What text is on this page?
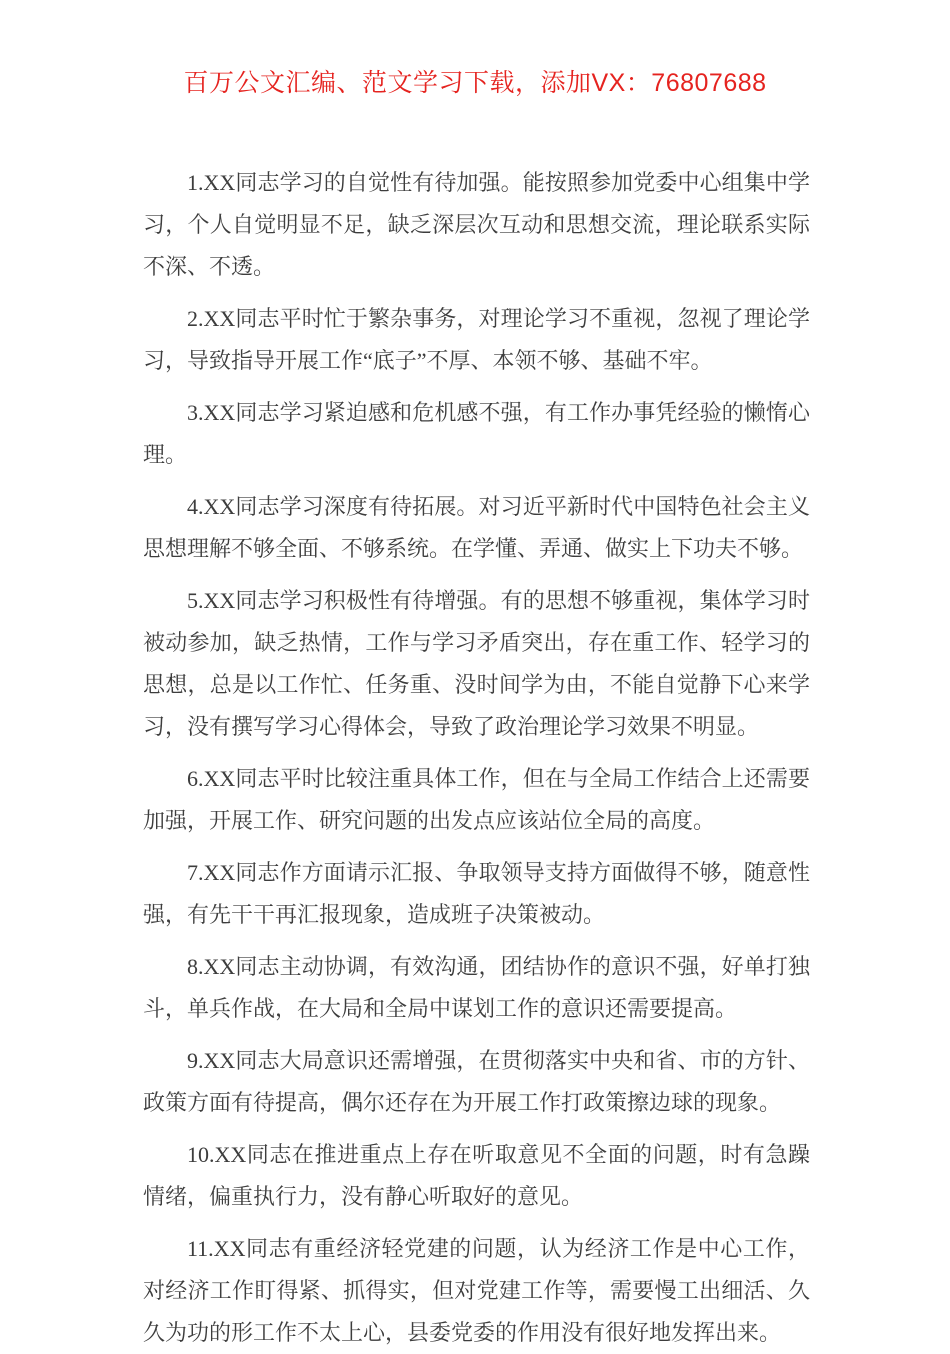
百万公文汇编、范文学习下载，添加VX：76807688

1.XX同志学习的自觉性有待加强。能按照参加党委中心组集中学习，个人自觉明显不足，缺乏深层次互动和思想交流，理论联系实际不深、不透。

2.XX同志平时忙于繁杂事务，对理论学习不重视，忽视了理论学习，导致指导开展工作“底子”不厚、本领不够、基础不牢。

3.XX同志学习紧迫感和危机感不强，有工作办事凭经验的懒惰心理。

4.XX同志学习深度有待拓展。对习近平新时代中国特色社会主义思想理解不够全面、不够系统。在学懂、弄通、做实上下功夫不够。

5.XX同志学习积极性有待增强。有的思想不够重视，集体学习时被动参加，缺乏热情，工作与学习矛盾突出，存在重工作、轻学习的思想，总是以工作忙、任务重、没时间学为由，不能自觉静下心来学习，没有撰写学习心得体会，导致了政治理论学习效果不明显。

6.XX同志平时比较注重具体工作，但在与全局工作结合上还需要加强，开展工作、研究问题的出发点应该站位全局的高度。

7.XX同志作方面请示汇报、争取领导支持方面做得不够，随意性强，有先干干再汇报现象，造成班子决策被动。

8.XX同志主动协调，有效沟通，团结协作的意识不强，好单打独斗，单兵作战，在大局和全局中谋划工作的意识还需要提高。

9.XX同志大局意识还需增强，在贯彻落实中央和省、市的方针、政策方面有待提高，偶尔还存在为开展工作打政策擦边球的现象。

10.XX同志在推进重点上存在听取意见不全面的问题，时有急躁情绪，偏重执行力，没有静心听取好的意见。

11.XX同志有重经济轻党建的问题，认为经济工作是中心工作，对经济工作盯得紧、抓得实，但对党建工作等，需要慢工出细活、久久为功的形工作不太上心，县委党委的作用没有很好地发挥出来。
